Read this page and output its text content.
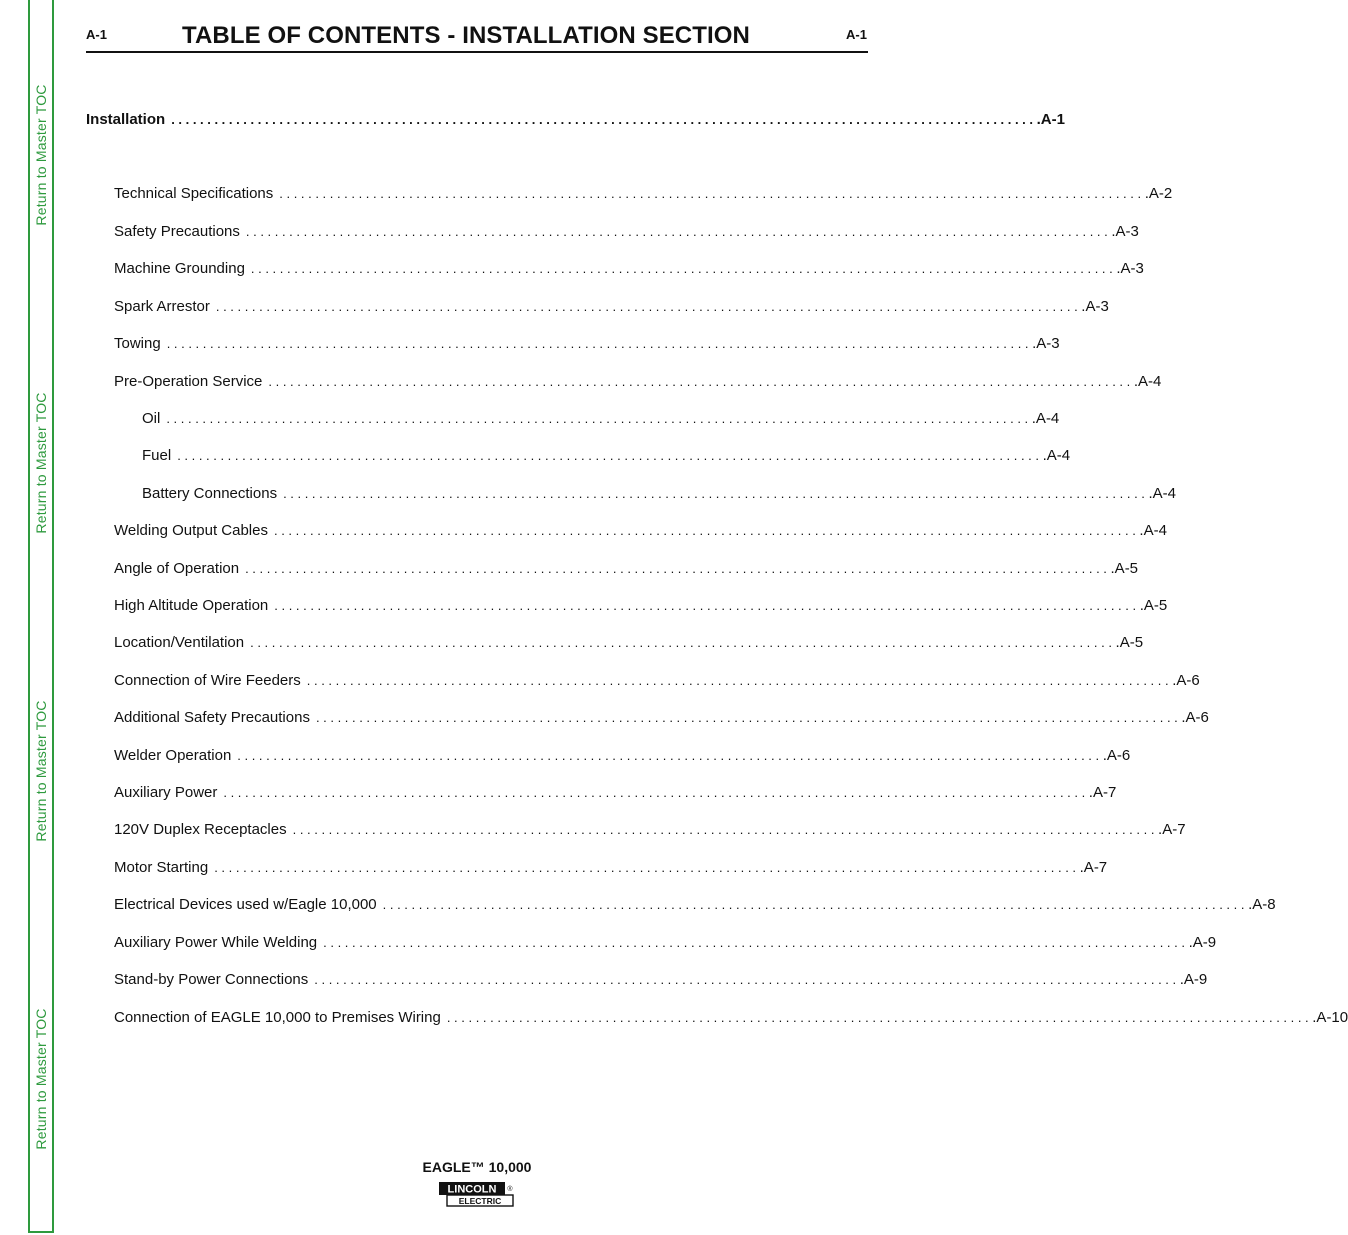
Return to Master TOC
Return to Master TOC
Return to Master TOC
Return to Master TOC
A-1	TABLE OF CONTENTS - INSTALLATION SECTION	A-1
Installation ........................................................................................................................ .A-1
Technical Specifications ........................................................................................................................ .A-2
Safety Precautions ........................................................................................................................ .A-3
Machine Grounding ........................................................................................................................ .A-3
Spark Arrestor ........................................................................................................................ .A-3
Towing ........................................................................................................................ .A-3
Pre-Operation Service ........................................................................................................................ .A-4
Oil ........................................................................................................................ .A-4
Fuel ........................................................................................................................ .A-4
Battery Connections ........................................................................................................................ .A-4
Welding Output Cables ........................................................................................................................ .A-4
Angle of Operation ........................................................................................................................ .A-5
High Altitude Operation ........................................................................................................................ .A-5
Location/Ventilation ........................................................................................................................ .A-5
Connection of Wire Feeders ........................................................................................................................ .A-6
Additional Safety Precautions ........................................................................................................................ .A-6
Welder Operation ........................................................................................................................ .A-6
Auxiliary Power ........................................................................................................................ .A-7
120V Duplex Receptacles ........................................................................................................................ .A-7
Motor Starting ........................................................................................................................ .A-7
Electrical Devices used w/Eagle 10,000 ........................................................................................................................ .A-8
Auxiliary Power While Welding ........................................................................................................................ .A-9
Stand-by Power Connections ........................................................................................................................ .A-9
Connection of EAGLE 10,000 to Premises Wiring ........................................................................................................................ .A-10
EAGLE™ 10,000
LINCOLN
ELECTRIC
®
